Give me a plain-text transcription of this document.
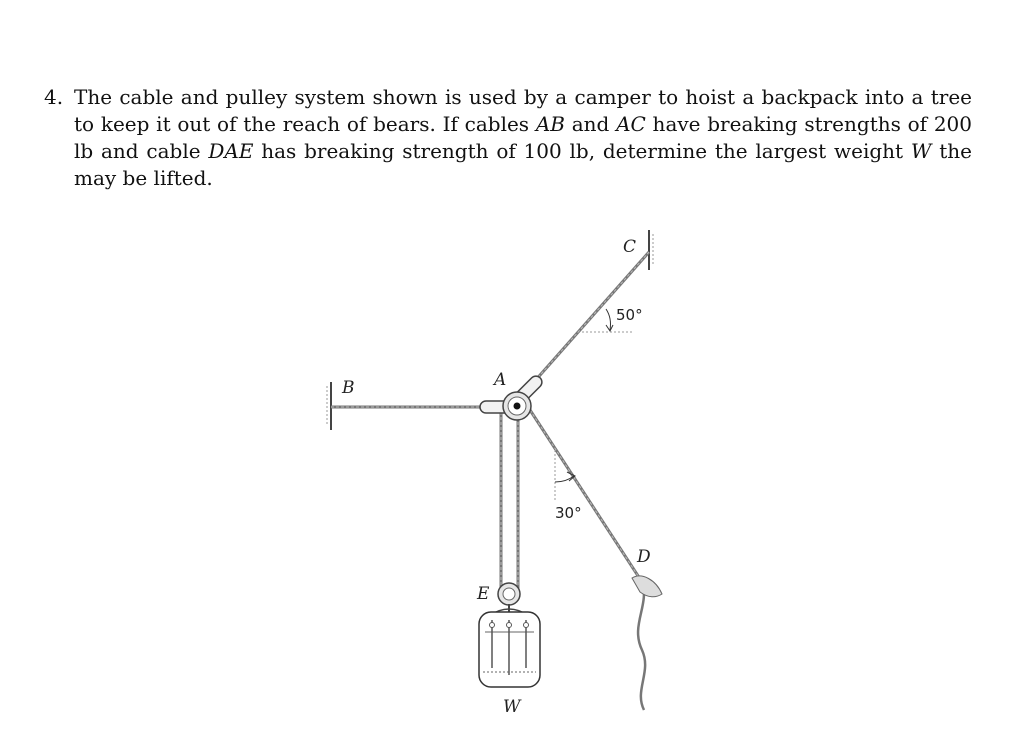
4. The cable and pulley system shown is used by a camper to hoist a backpack into a tree to keep it out of the reach of bears. If cables AB and AC have breaking strengths of 200 lb and cable DAE has breaking strength of 100 lb, determine the largest weight W the may be lifted.
B	A
C
D
E
W
50°
30°
